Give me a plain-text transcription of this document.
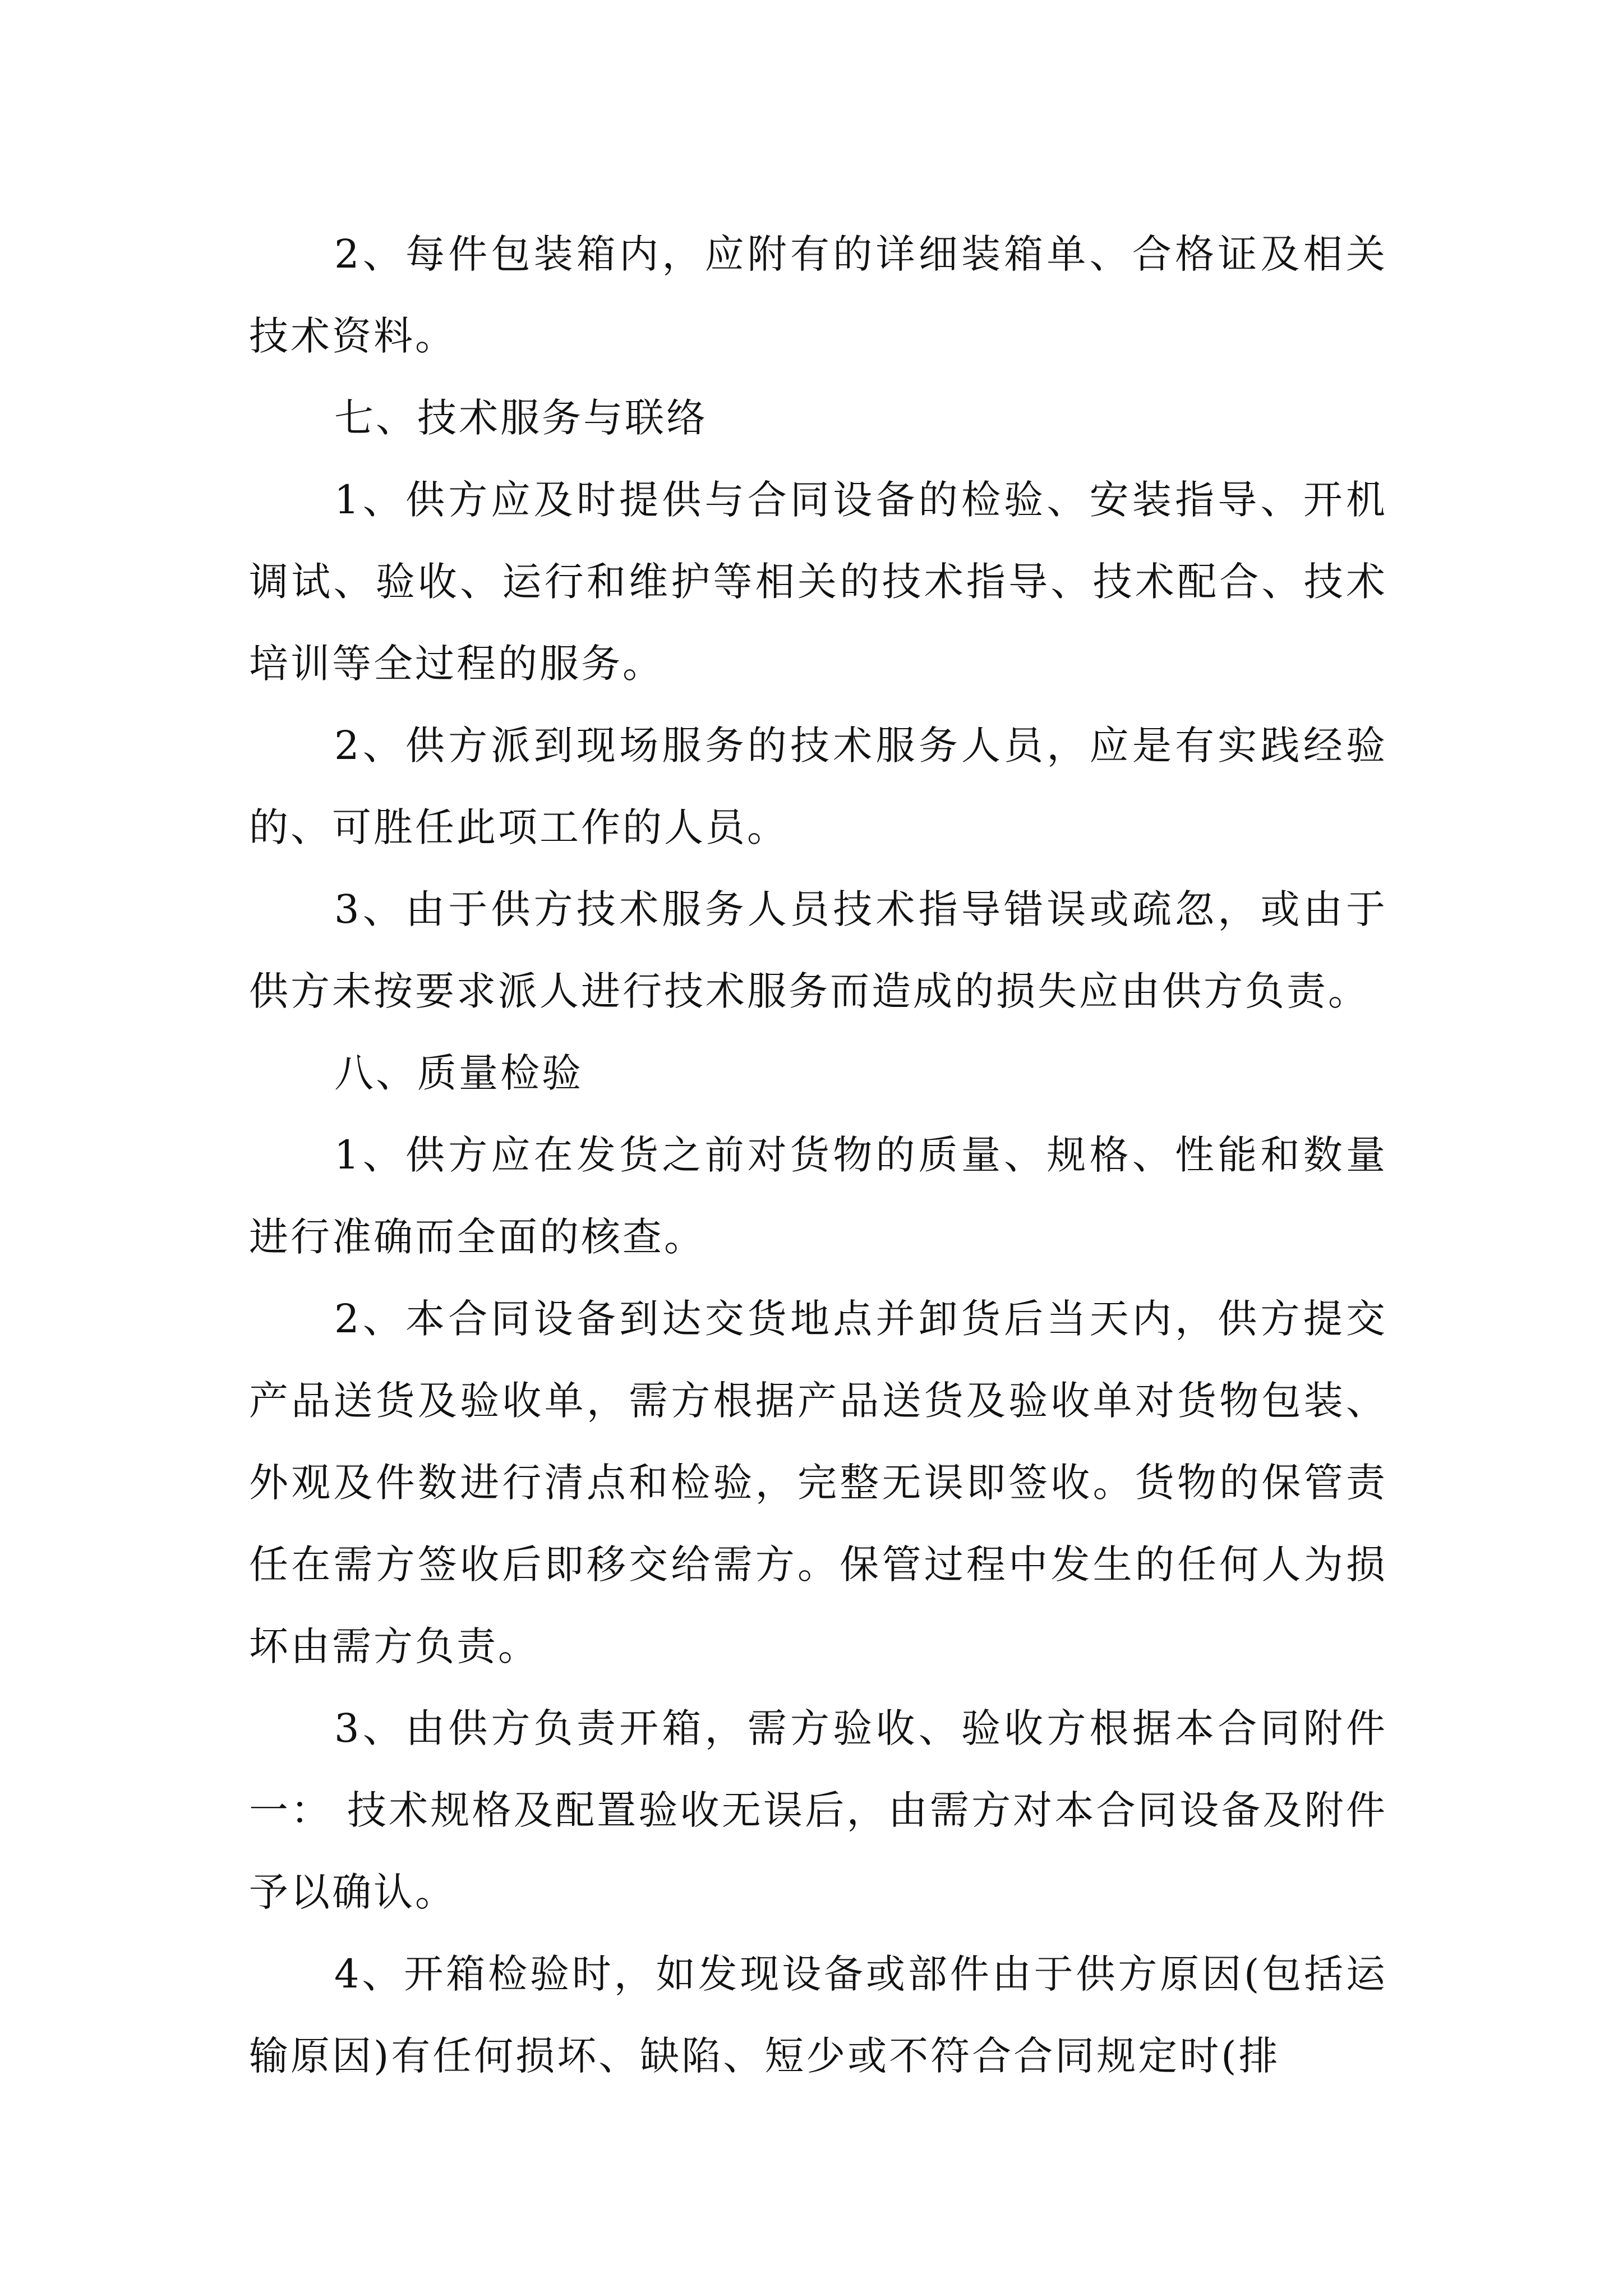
2、每件包装箱内，应附有的详细装箱单、合格证及相关技术资料。

七、技术服务与联络

1、供方应及时提供与合同设备的检验、安装指导、开机调试、验收、运行和维护等相关的技术指导、技术配合、技术培训等全过程的服务。

2、供方派到现场服务的技术服务人员，应是有实践经验的、可胜任此项工作的人员。

3、由于供方技术服务人员技术指导错误或疏忽，或由于供方未按要求派人进行技术服务而造成的损失应由供方负责。

八、质量检验

1、供方应在发货之前对货物的质量、规格、性能和数量进行准确而全面的核查。

2、本合同设备到达交货地点并卸货后当天内，供方提交产品送货及验收单，需方根据产品送货及验收单对货物包装、外观及件数进行清点和检验，完整无误即签收。货物的保管责任在需方签收后即移交给需方。保管过程中发生的任何人为损坏由需方负责。

3、由供方负责开箱，需方验收、验收方根据本合同附件一： 技术规格及配置验收无误后，由需方对本合同设备及附件予以确认。

4、开箱检验时，如发现设备或部件由于供方原因(包括运输原因)有任何损坏、缺陷、短少或不符合合同规定时(排
